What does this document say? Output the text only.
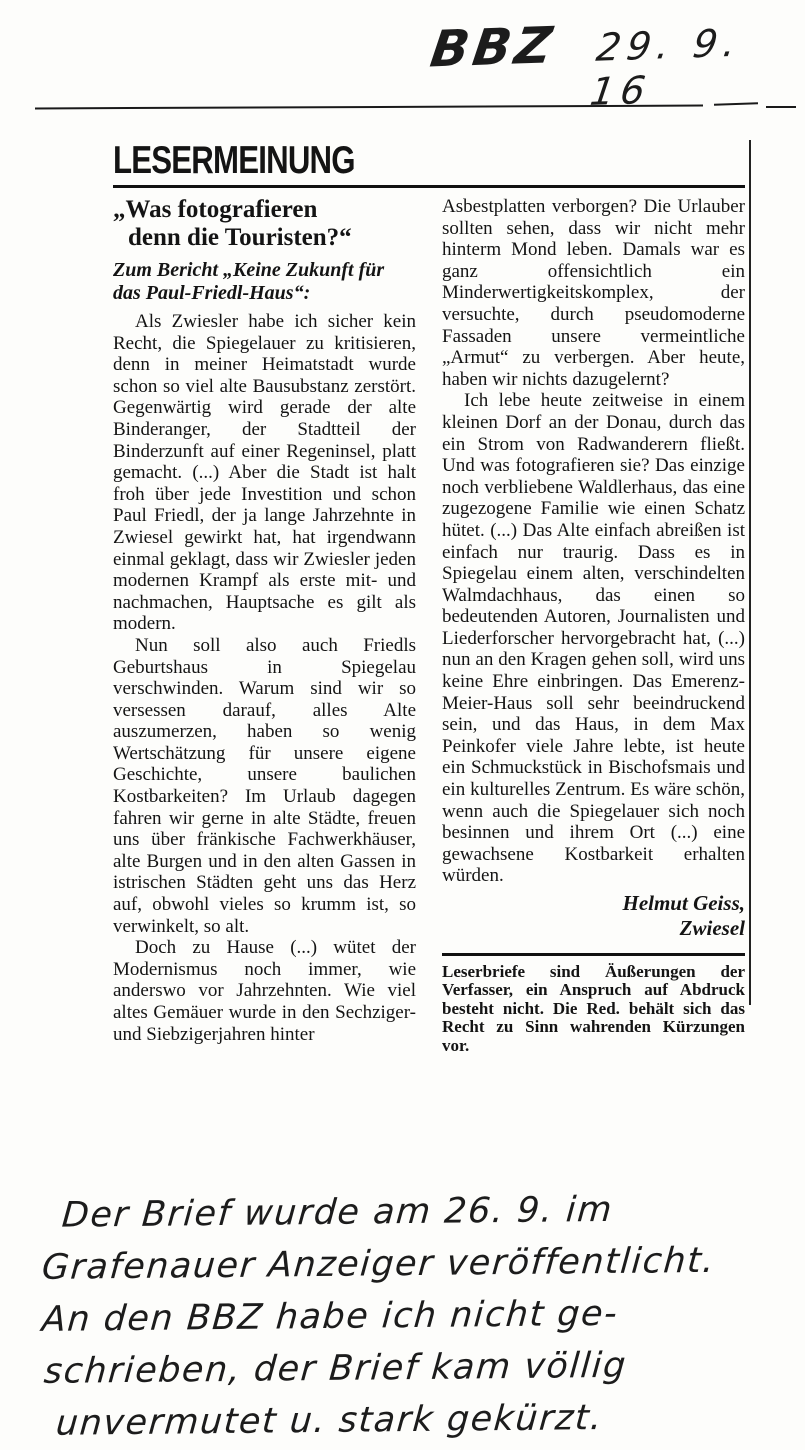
BBZ 29. 9. 16
LESERMEINUNG
„Was fotografieren
denn die Touristen?“

Zum Bericht „Keine Zukunft für das Paul-Friedl-Haus“:

Als Zwiesler habe ich sicher kein Recht, die Spiegelauer zu kritisieren, denn in meiner Heimatstadt wurde schon so viel alte Bausubstanz zerstört. Gegenwärtig wird gerade der alte Binderanger, der Stadtteil der Binderzunft auf einer Regeninsel, platt gemacht. (...) Aber die Stadt ist halt froh über jede Investition und schon Paul Friedl, der ja lange Jahrzehnte in Zwiesel gewirkt hat, hat irgendwann einmal geklagt, dass wir Zwiesler jeden modernen Krampf als erste mit- und nachmachen, Hauptsache es gilt als modern.

Nun soll also auch Friedls Geburtshaus in Spiegelau verschwinden. Warum sind wir so versessen darauf, alles Alte auszumerzen, haben so wenig Wertschätzung für unsere eigene Geschichte, unsere baulichen Kostbarkeiten? Im Urlaub dagegen fahren wir gerne in alte Städte, freuen uns über fränkische Fachwerkhäuser, alte Burgen und in den alten Gassen in istrischen Städten geht uns das Herz auf, obwohl vieles so krumm ist, so verwinkelt, so alt.

Doch zu Hause (...) wütet der Modernismus noch immer, wie anderswo vor Jahrzehnten. Wie viel altes Gemäuer wurde in den Sechziger- und Siebzigerjahren hinter

Asbestplatten verborgen? Die Urlauber sollten sehen, dass wir nicht mehr hinterm Mond leben. Damals war es ganz offensichtlich ein Minderwertigkeitskomplex, der versuchte, durch pseudomoderne Fassaden unsere vermeintliche „Armut“ zu verbergen. Aber heute, haben wir nichts dazugelernt?

Ich lebe heute zeitweise in einem kleinen Dorf an der Donau, durch das ein Strom von Radwanderern fließt. Und was fotografieren sie? Das einzige noch verbliebene Waldlerhaus, das eine zugezogene Familie wie einen Schatz hütet. (...) Das Alte einfach abreißen ist einfach nur traurig. Dass es in Spiegelau einem alten, verschindelten Walmdachhaus, das einen so bedeutenden Autoren, Journalisten und Liederforscher hervorgebracht hat, (...) nun an den Kragen gehen soll, wird uns keine Ehre einbringen. Das Emerenz-Meier-Haus soll sehr beeindruckend sein, und das Haus, in dem Max Peinkofer viele Jahre lebte, ist heute ein Schmuckstück in Bischofsmais und ein kulturelles Zentrum. Es wäre schön, wenn auch die Spiegelauer sich noch besinnen und ihrem Ort (...) eine gewachsene Kostbarkeit erhalten würden.

Helmut Geiss,
Zwiesel

Leserbriefe sind Äußerungen der Verfasser, ein Anspruch auf Abdruck besteht nicht. Die Red. behält sich das Recht zu Sinn wahrenden Kürzungen vor.

Der Brief wurde am 26. 9. im
Grafenauer Anzeiger veröffentlicht.
An den BBZ habe ich nicht ge-
schrieben, der Brief kam völlig
unvermutet u. stark gekürzt.
